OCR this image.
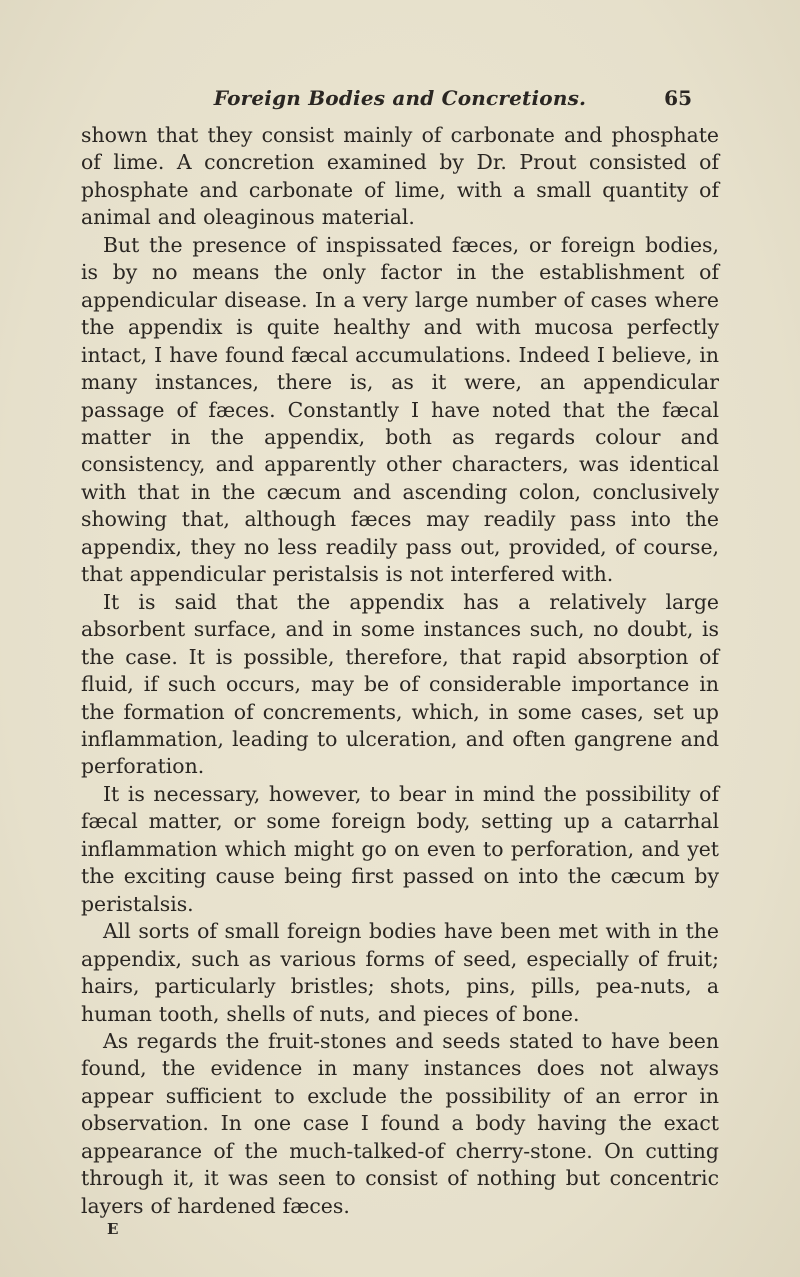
Foreign Bodies and Concretions.	65

shown that they consist mainly of carbonate and phosphate of lime. A concretion examined by Dr. Prout consisted of phosphate and carbonate of lime, with a small quantity of animal and oleaginous material.

But the presence of inspissated fæces, or foreign bodies, is by no means the only factor in the establishment of appendicular disease. In a very large number of cases where the appendix is quite healthy and with mucosa perfectly intact, I have found fæcal accumulations. Indeed I believe, in many instances, there is, as it were, an appendicular passage of fæces. Constantly I have noted that the fæcal matter in the appendix, both as regards colour and consistency, and apparently other characters, was identical with that in the cæcum and ascending colon, conclusively showing that, although fæces may readily pass into the appendix, they no less readily pass out, provided, of course, that appendicular peristalsis is not interfered with.

It is said that the appendix has a relatively large absorbent surface, and in some instances such, no doubt, is the case. It is possible, therefore, that rapid absorption of fluid, if such occurs, may be of considerable importance in the formation of concrements, which, in some cases, set up inflammation, leading to ulceration, and often gangrene and perforation.

It is necessary, however, to bear in mind the possibility of fæcal matter, or some foreign body, setting up a catarrhal inflammation which might go on even to perforation, and yet the exciting cause being first passed on into the cæcum by peristalsis.

All sorts of small foreign bodies have been met with in the appendix, such as various forms of seed, especially of fruit; hairs, particularly bristles; shots, pins, pills, pea-nuts, a human tooth, shells of nuts, and pieces of bone.

As regards the fruit-stones and seeds stated to have been found, the evidence in many instances does not always appear sufficient to exclude the possibility of an error in observation. In one case I found a body having the exact appearance of the much-talked-of cherry-stone. On cutting through it, it was seen to consist of nothing but concentric layers of hardened fæces.

E
